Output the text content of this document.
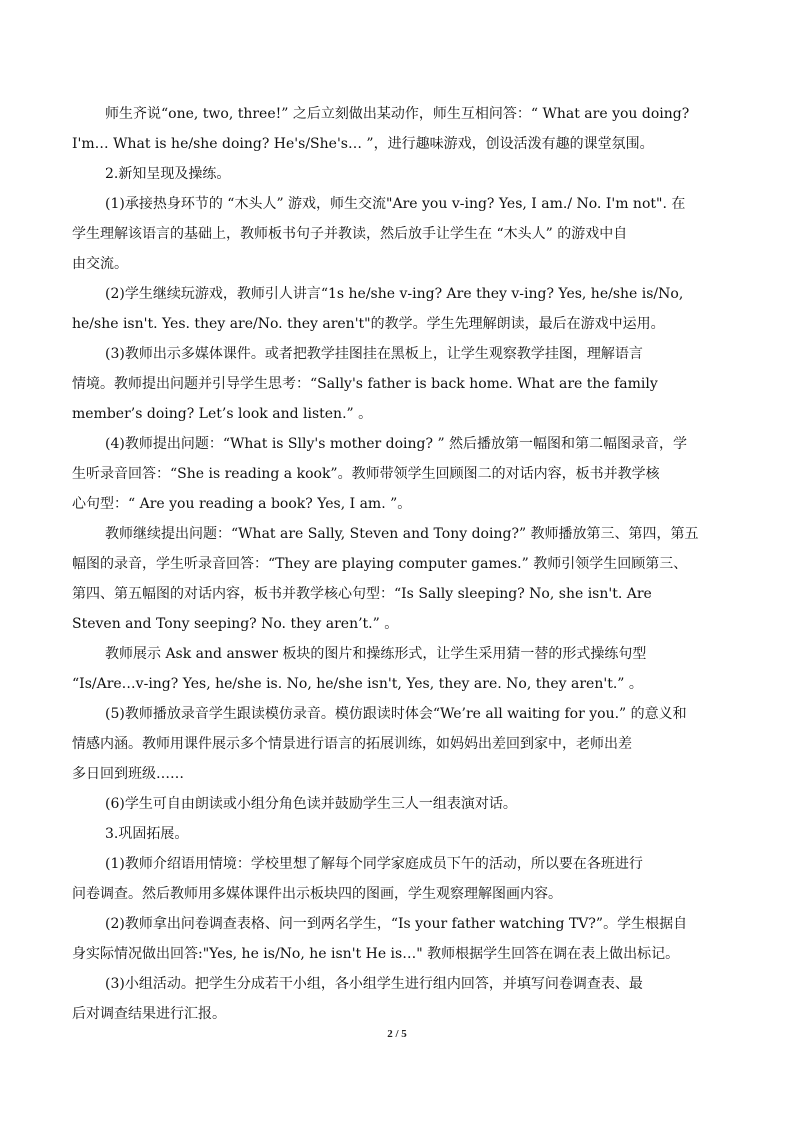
师生齐说“one, two, three!” 之后立刻做出某动作，师生互相问答：“ What are you doing?
I'm… What is he/she doing? He's/She's… ”，进行趣味游戏，创设活泼有趣的课堂氛围。
2.新知呈现及操练。
(1)承接热身环节的 “木头人” 游戏，师生交流"Are you v-ing? Yes, I am./ No. I'm not". 在
学生理解该语言的基础上，教师板书句子并教读，然后放手让学生在 “木头人” 的游戏中自
由交流。
(2)学生继续玩游戏，教师引人讲言“1s he/she v-ing? Are they v-ing? Yes, he/she is/No,
he/she isn't. Yes. they are/No. they aren't"的教学。学生先理解朗读，最后在游戏中运用。
(3)教师出示多媒体课件。或者把教学挂图挂在黑板上，让学生观察教学挂图，理解语言
情境。教师提出问题并引导学生思考：“Sally's father is back home. What are the family
member’s doing? Let’s look and listen.” 。
(4)教师提出问题：“What is Slly's mother doing? ” 然后播放第一幅图和第二幅图录音，学
生听录音回答：“She is reading a kook”。教师带领学生回顾图二的对话内容，板书并教学核
心句型：“ Are you reading a book? Yes, I am. ”。
教师继续提出问题：“What are Sally, Steven and Tony doing?” 教师播放第三、第四，第五
幅图的录音，学生听录音回答：“They are playing computer games.” 教师引领学生回顾第三、
第四、第五幅图的对话内容，板书并教学核心句型：“Is Sally sleeping? No, she isn't. Are
Steven and Tony seeping? No. they aren’t.” 。
教师展示 Ask and answer 板块的图片和操练形式，让学生采用猜一替的形式操练句型
“Is/Are…v-ing? Yes, he/she is. No, he/she isn't, Yes, they are. No, they aren't.” 。
(5)教师播放录音学生跟读模仿录音。模仿跟读时体会“We’re all waiting for you.” 的意义和
情感内涵。教师用课件展示多个情景进行语言的拓展训练，如妈妈出差回到家中，老师出差
多日回到班级……
(6)学生可自由朗读或小组分角色读并鼓励学生三人一组表演对话。
3.巩固拓展。
(1)教师介绍语用情境：学校里想了解每个同学家庭成员下午的活动，所以要在各班进行
问卷调查。然后教师用多媒体课件出示板块四的图画，学生观察理解图画内容。
(2)教师拿出问卷调查表格、问一到两名学生，“Is your father watching TV?”。学生根据自
身实际情况做出回答:"Yes, he is/No, he isn't He is…" 教师根据学生回答在调在表上做出标记。
(3)小组活动。把学生分成若干小组，各小组学生进行组内回答，并填写问卷调查表、最
后对调查结果进行汇报。
2 / 5
